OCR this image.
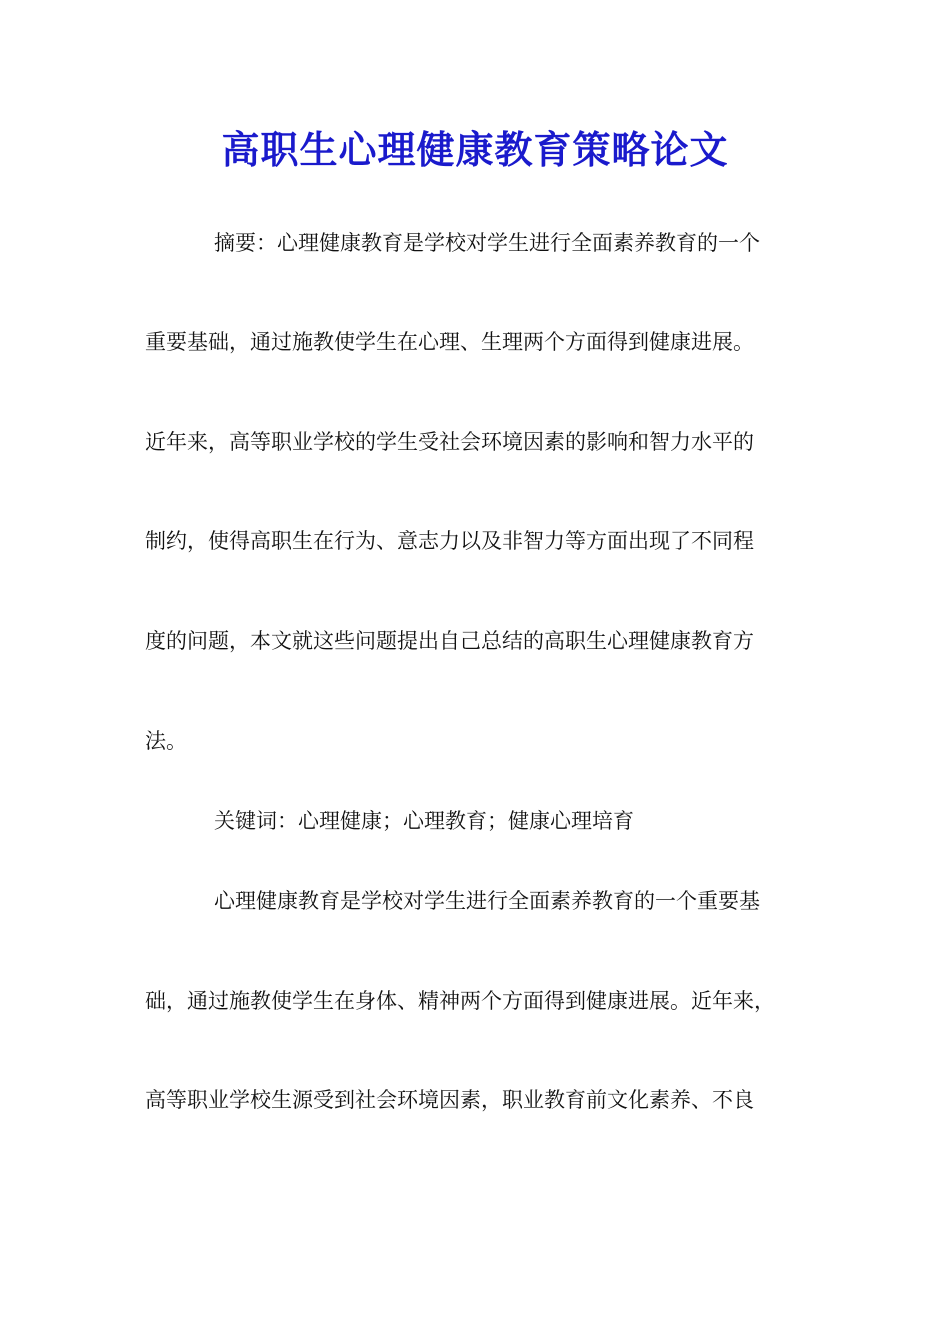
高职生心理健康教育策略论文
摘要：心理健康教育是学校对学生进行全面素养教育的一个
重要基础，通过施教使学生在心理、生理两个方面得到健康进展。
近年来，高等职业学校的学生受社会环境因素的影响和智力水平的
制约，使得高职生在行为、意志力以及非智力等方面出现了不同程
度的问题，本文就这些问题提出自己总结的高职生心理健康教育方
法。
关键词：心理健康；心理教育；健康心理培育
心理健康教育是学校对学生进行全面素养教育的一个重要基
础，通过施教使学生在身体、精神两个方面得到健康进展。近年来，
高等职业学校生源受到社会环境因素，职业教育前文化素养、不良
